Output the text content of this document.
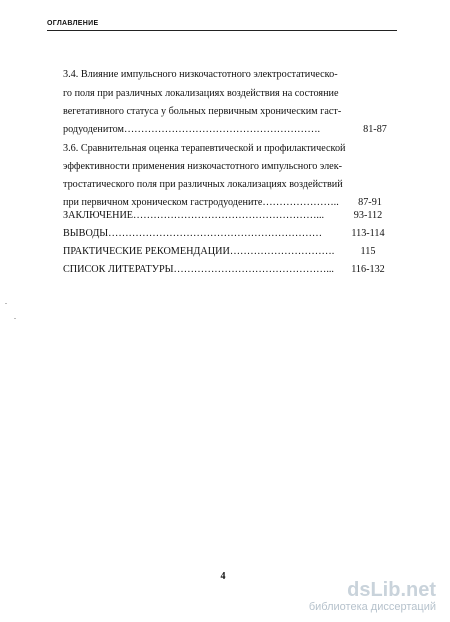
ОГЛАВЛЕНИЕ
3.4. Влияние импульсного низкочастотного электростатическо-
го поля при различных локализациях воздействия на состояние
вегетативного статуса у больных первичным хроническим гаст-
родуоденитом………………………………………………….	81-87
3.6. Сравнительная оценка терапевтической и профилактической
эффективности применения низкочастотного импульсного элек-
тростатического поля при различных локализациях воздействий
при первичном хроническом гастродуодените…………………..	87-91
ЗАКЛЮЧЕНИЕ………………………………………………...	93-112
ВЫВОДЫ………………………………………………………	113-114
ПРАКТИЧЕСКИЕ РЕКОМЕНДАЦИИ………………………….	115
СПИСОК ЛИТЕРАТУРЫ………………………………………...	116-132
4
dsLib.net
библиотека диссертаций
